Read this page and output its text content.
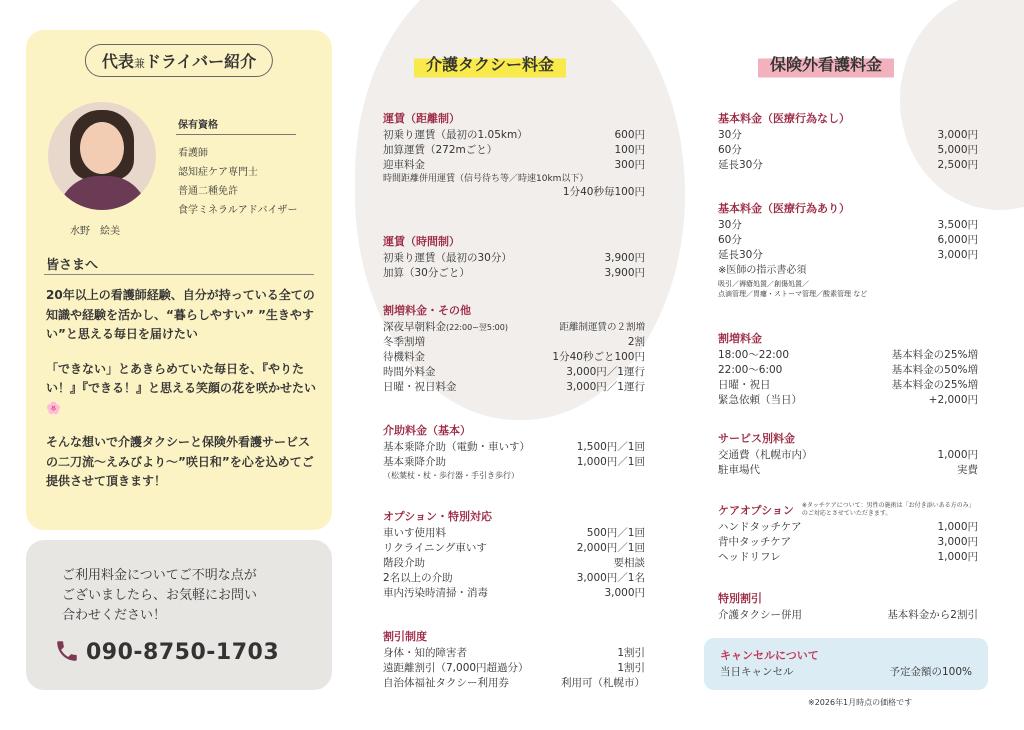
代表兼ドライバー紹介
水野　絵美
保有資格
看護師
認知症ケア専門士
普通二種免許
食学ミネラルアドバイザー
皆さまへ

20年以上の看護師経験、自分が持っている全ての知識や経験を活かし、“暮らしやすい” ”生きやすい”と思える毎日を届けたい

「できない」とあきらめていた毎日を、『やりたい！』『できる！』と思える笑顔の花を咲かせたい🌸

そんな想いで介護タクシーと保険外看護サービスの二刀流～えみびより～”咲日和”を心を込めてご提供させて頂きます！

ご利用料金についてご不明な点が
ございましたら、お気軽にお問い
合わせください！
090-8750-1703
介護タクシー料金
運賃（距離制）
初乗り運賃（最初の1.05km）	600円
加算運賃（272mごと）	100円
迎車料金	300円
時間距離併用運賃（信号待ち等／時速10km以下）
1分40秒毎100円
運賃（時間制）
初乗り運賃（最初の30分）	3,900円
加算（30分ごと）	3,900円
割増料金・その他
深夜早朝料金(22:00~翌5:00)	距離制運賃の２割増
冬季割増	2割
待機料金	1分40秒ごと100円
時間外料金	3,000円／1運行
日曜・祝日料金	3,000円／1運行
介助料金（基本）
基本乗降介助（電動・車いす）	1,500円／1回
基本乗降介助	1,000円／1回
（松葉杖・杖・歩行器・手引き歩行）
オプション・特別対応
車いす使用料	500円／1回
リクライニング車いす	2,000円／1回
階段介助	要相談
2名以上の介助	3,000円／1名
車内汚染時清掃・消毒	3,000円
割引制度
身体・知的障害者	1割引
遠距離割引（7,000円超過分）	1割引
自治体福祉タクシー利用券	利用可（札幌市）
保険外看護料金
基本料金（医療行為なし）
30分	3,000円
60分	5,000円
延長30分	2,500円
基本料金（医療行為あり）
30分	3,500円
60分	6,000円
延長30分	3,000円
※医師の指示書必須
吸引／褥瘡処置／創傷処置／
点滴管理／胃瘻・ストーマ管理／酸素管理 など
割増料金
18:00～22:00	基本料金の25%増
22:00～6:00	基本料金の50%増
日曜・祝日	基本料金の25%増
緊急依頼（当日）	+2,000円
サービス別料金
交通費（札幌市内）	1,000円
駐車場代	実費
ケアオプション ※タッチケアについて：男性の施術は「お付き添いある方のみ」のご対応とさせていただきます。
ハンドタッチケア	1,000円
背中タッチケア	3,000円
ヘッドリフレ	1,000円
特別割引
介護タクシー併用	基本料金から2割引
キャンセルについて
当日キャンセル	予定金額の100%
※2026年1月時点の価格です
